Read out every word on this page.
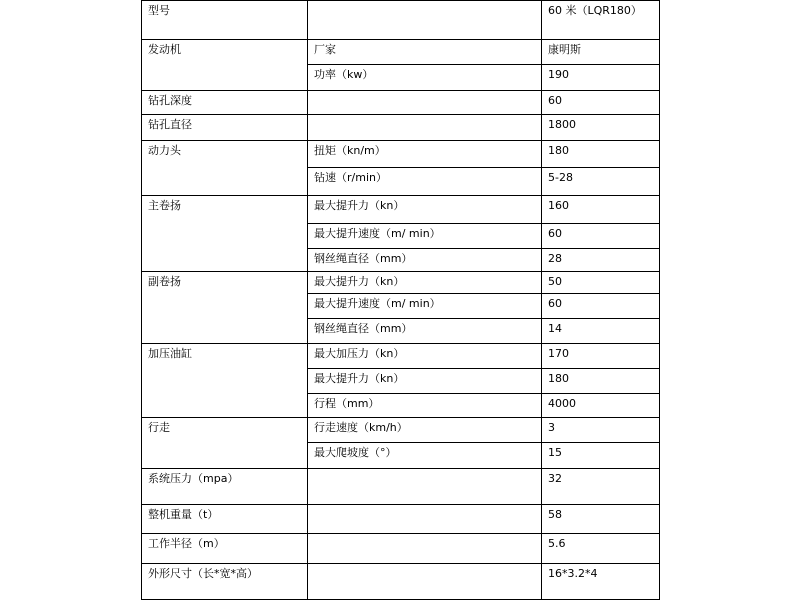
型号		60 米（LQR180）
发动机	厂家	康明斯
	功率（kw）	190
钻孔深度		60
钻孔直径		1800
动力头	扭矩（kn/m）	180
	钻速（r/min）	5-28
主卷扬	最大提升力（kn）	160
	最大提升速度（m/ min）	60
	钢丝绳直径（mm）	28
副卷扬	最大提升力（kn）	50
	最大提升速度（m/ min）	60
	钢丝绳直径（mm）	14
加压油缸	最大加压力（kn）	170
	最大提升力（kn）	180
	行程（mm）	4000
行走	行走速度（km/h）	3
	最大爬坡度（°）	15
系统压力（mpa）		32
整机重量（t）		58
工作半径（m）		5.6
外形尺寸（长*宽*高）		16*3.2*4
